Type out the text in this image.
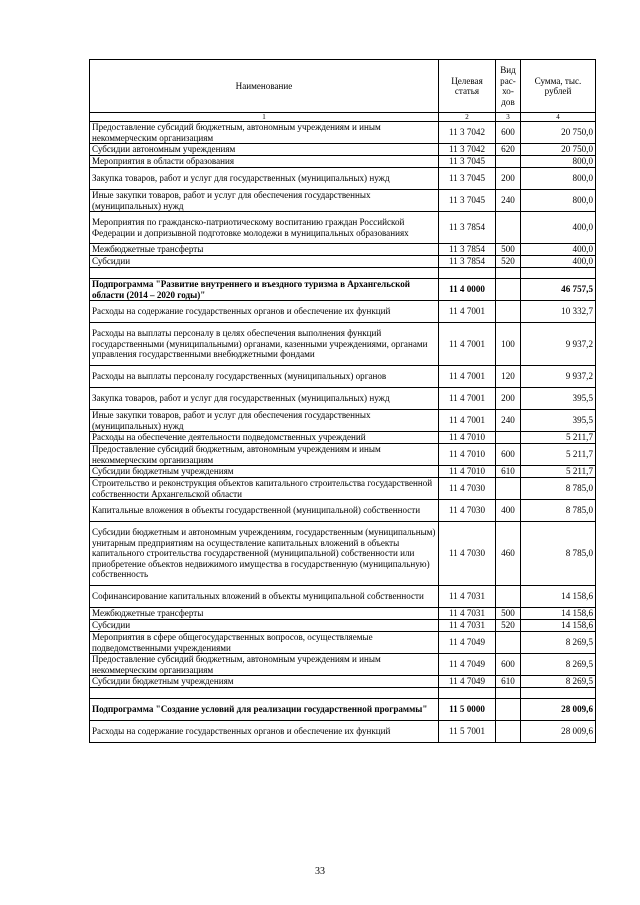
Наименование	Целевая статья	Вид рас-хо-дов	Сумма, тыс. рублей
1	2	3	4
Предоставление субсидий бюджетным, автономным учреждениям и иным некоммерческим организациям	11 3 7042	600	20 750,0
Субсидии автономным учреждениям	11 3 7042	620	20 750,0
Мероприятия в области образования	11 3 7045		800,0
Закупка товаров, работ и услуг для государственных (муниципальных) нужд	11 3 7045	200	800,0
Иные закупки товаров, работ и услуг для обеспечения государственных (муниципальных) нужд	11 3 7045	240	800,0
Мероприятия по гражданско-патриотическому воспитанию граждан Российской Федерации и допризывной подготовке молодежи в муниципальных образованиях	11 3 7854		400,0
Межбюджетные трансферты	11 3 7854	500	400,0
Субсидии	11 3 7854	520	400,0

Подпрограмма "Развитие внутреннего и въездного туризма в Архангельской области (2014 – 2020 годы)"	11 4 0000		46 757,5
Расходы на содержание государственных органов и обеспечение их функций	11 4 7001		10 332,7
Расходы на выплаты персоналу в целях обеспечения выполнения функций государственными (муниципальными) органами, казенными учреждениями, органами управления государственными внебюджетными фондами	11 4 7001	100	9 937,2
Расходы на выплаты персоналу государственных (муниципальных) органов	11 4 7001	120	9 937,2
Закупка товаров, работ и услуг для государственных (муниципальных) нужд	11 4 7001	200	395,5
Иные закупки товаров, работ и услуг для обеспечения государственных (муниципальных) нужд	11 4 7001	240	395,5
Расходы на обеспечение деятельности подведомственных учреждений	11 4 7010		5 211,7
Предоставление субсидий бюджетным, автономным учреждениям и иным некоммерческим организациям	11 4 7010	600	5 211,7
Субсидии бюджетным учреждениям	11 4 7010	610	5 211,7
Строительство и реконструкция объектов капитального строительства государственной собственности Архангельской области	11 4 7030		8 785,0
Капитальные вложения в объекты государственной (муниципальной) собственности	11 4 7030	400	8 785,0
Субсидии бюджетным и автономным учреждениям, государственным (муниципальным) унитарным предприятиям на осуществление капитальных вложений в объекты капитального строительства государственной (муниципальной) собственности или приобретение объектов недвижимого имущества в государственную (муниципальную) собственность	11 4 7030	460	8 785,0
Софинансирование капитальных вложений в объекты муниципальной собственности	11 4 7031		14 158,6
Межбюджетные трансферты	11 4 7031	500	14 158,6
Субсидии	11 4 7031	520	14 158,6
Мероприятия в сфере общегосударственных вопросов, осуществляемые подведомственными учреждениями	11 4 7049		8 269,5
Предоставление субсидий бюджетным, автономным учреждениям и иным некоммерческим организациям	11 4 7049	600	8 269,5
Субсидии бюджетным учреждениям	11 4 7049	610	8 269,5

Подпрограмма "Создание условий для реализации государственной программы"	11 5 0000		28 009,6
Расходы на содержание государственных органов и обеспечение их функций	11 5 7001		28 009,6
33
